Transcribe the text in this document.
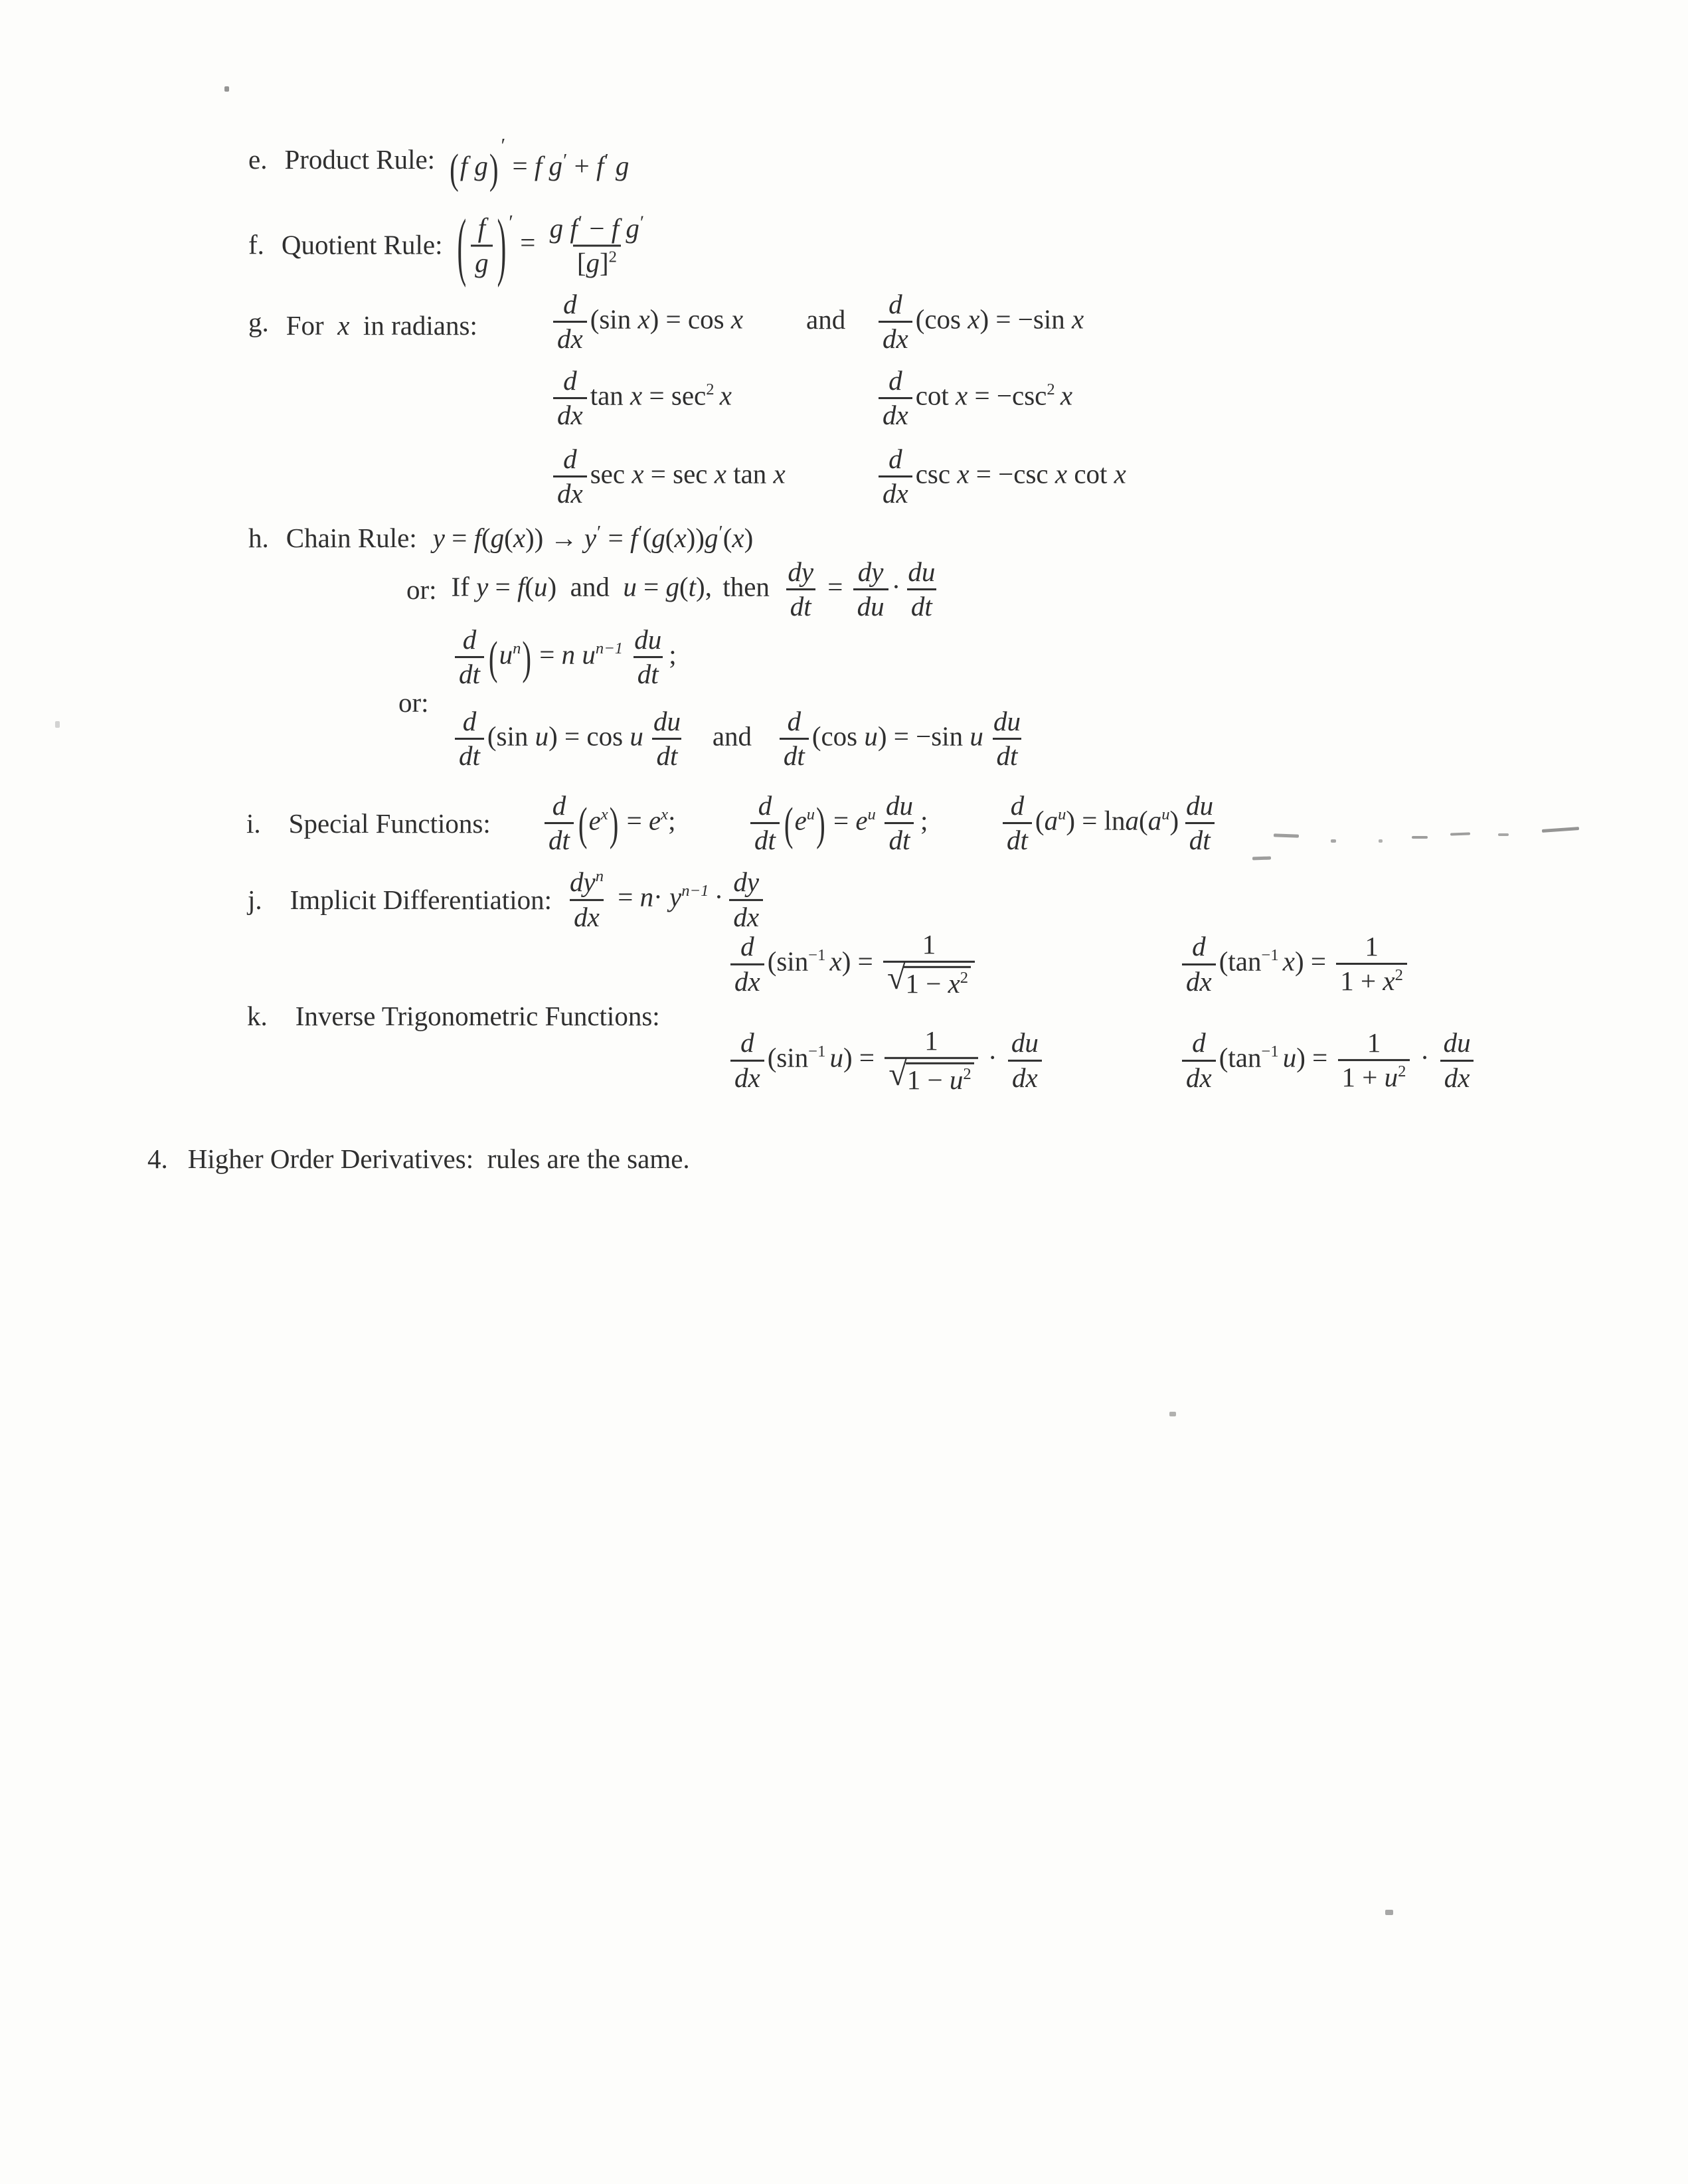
e. Product Rule: (f g) ′ = f g′ + f′ g
f. Quotient Rule: ( $\frac{f}{g}$ ) $' = \frac{g f' - f g'}{[g]^2}$
g. For x in radians:	$\frac{d}{dx} (\sin$ x) = cos x and $\frac{d}{dx} (\cos$ x) = −sin x
$\frac{d}{dx}$ $\tan x = \sec^2 x$	$\frac{d}{dx}$ $\cot x = -\csc^2$ x
$\frac{d}{dx}$ sec x = sec x tan x	$\frac{d}{dx}$ csc x = −csc x cot x
h. Chain Rule: y = f(g(x)) → y′ = f′(g(x))g′(x)
or: If y = f(u) and u = g(t), then $\frac{dy}{dt} = \frac{dy}{du} \cdot \frac{du}{dt}$
or:
$\frac{d}{dt} (u^n) = n$ $u^{n-1} \frac{du}{dt}$ ;
$\frac{d}{dt} (\sin$ u) = cos u $\frac{du}{dt}$ and $\frac{d}{dt} (\cos$ u) = −sin u $\frac{du}{dt}$
i. Special Functions: $\frac{d}{dt} (e^x) = e^x$;	$\frac{d}{dt} (e^u) = e^u \frac{du}{dt}$ ;	$\frac{d}{dt} (a^u) = \ln a(a^u) \frac{du}{dt}$
j. Implicit Differentiation:
$dy^n$
dx
= $n\cdot y^{n-1} \cdot \frac{dy}{dx}$
k. Inverse Trigonometric Functions:
$\frac{d}{dx} (\sin^{-1}$ $x) = \frac{1}{√ 1 - x^2}$	$\frac{d}{dx} (\tan^{-1}$ $x) = \frac{1}{1 + x^2}$
$\frac{d}{dx} (\sin^{-1}$ $u) = \frac{1}{√ 1 - u^2} \cdot \frac{du}{dx}$	$\frac{d}{dx} (\tan^{-1}$ $u) = \frac{1}{1 + u^2} \cdot \frac{du}{dx}$
4. Higher Order Derivatives: rules are the same.
